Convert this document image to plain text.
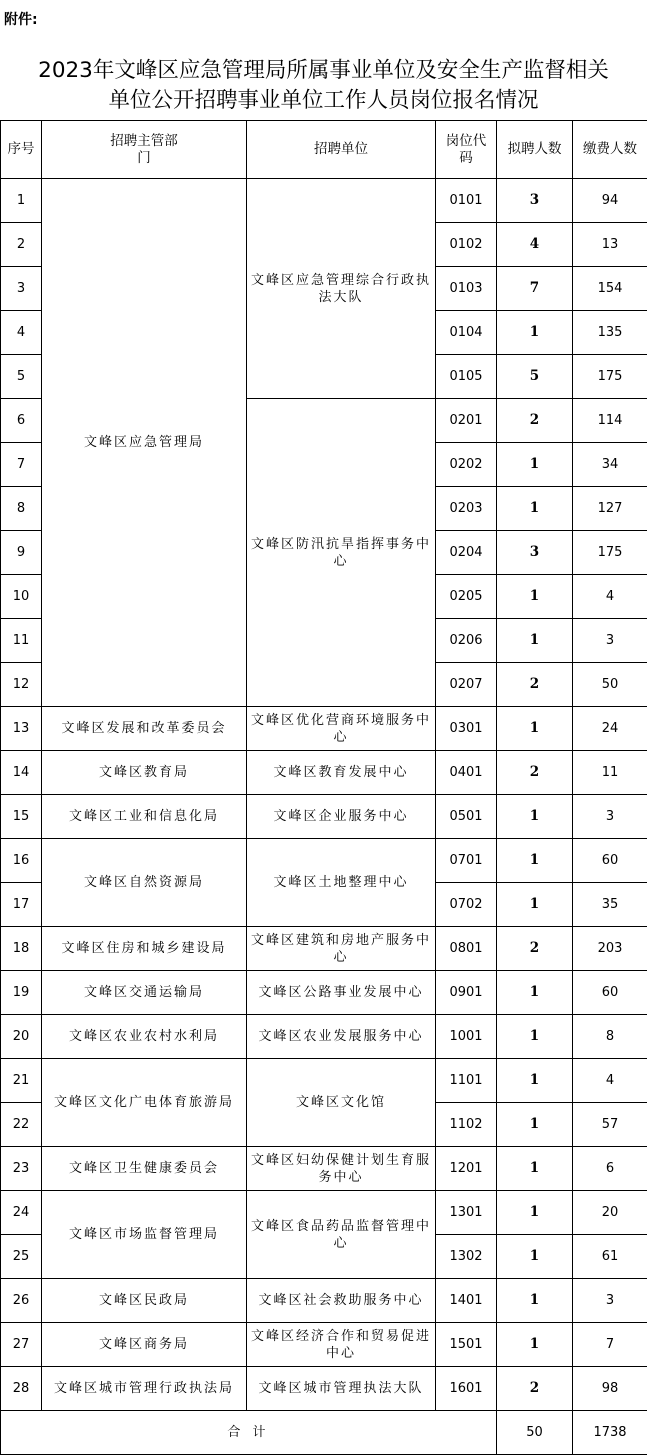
附件:
2023年文峰区应急管理局所属事业单位及安全生产监督相关
单位公开招聘事业单位工作人员岗位报名情况
序号	招聘主管部门	招聘单位	岗位代码	拟聘人数	缴费人数
1	文峰区应急管理局	文峰区应急管理综合行政执法大队	0101	3	94
2			0102	4	13
3			0103	7	154
4			0104	1	135
5			0105	5	175
6		文峰区防汛抗旱指挥事务中心	0201	2	114
7			0202	1	34
8			0203	1	127
9			0204	3	175
10			0205	1	4
11			0206	1	3
12			0207	2	50
13	文峰区发展和改革委员会	文峰区优化营商环境服务中心	0301	1	24
14	文峰区教育局	文峰区教育发展中心	0401	2	11
15	文峰区工业和信息化局	文峰区企业服务中心	0501	1	3
16	文峰区自然资源局	文峰区土地整理中心	0701	1	60
17			0702	1	35
18	文峰区住房和城乡建设局	文峰区建筑和房地产服务中心	0801	2	203
19	文峰区交通运输局	文峰区公路事业发展中心	0901	1	60
20	文峰区农业农村水利局	文峰区农业发展服务中心	1001	1	8
21	文峰区文化广电体育旅游局	文峰区文化馆	1101	1	4
22			1102	1	57
23	文峰区卫生健康委员会	文峰区妇幼保健计划生育服务中心	1201	1	6
24	文峰区市场监督管理局	文峰区食品药品监督管理中心	1301	1	20
25			1302	1	61
26	文峰区民政局	文峰区社会救助服务中心	1401	1	3
27	文峰区商务局	文峰区经济合作和贸易促进中心	1501	1	7
28	文峰区城市管理行政执法局	文峰区城市管理执法大队	1601	2	98
合 计				50	1738
